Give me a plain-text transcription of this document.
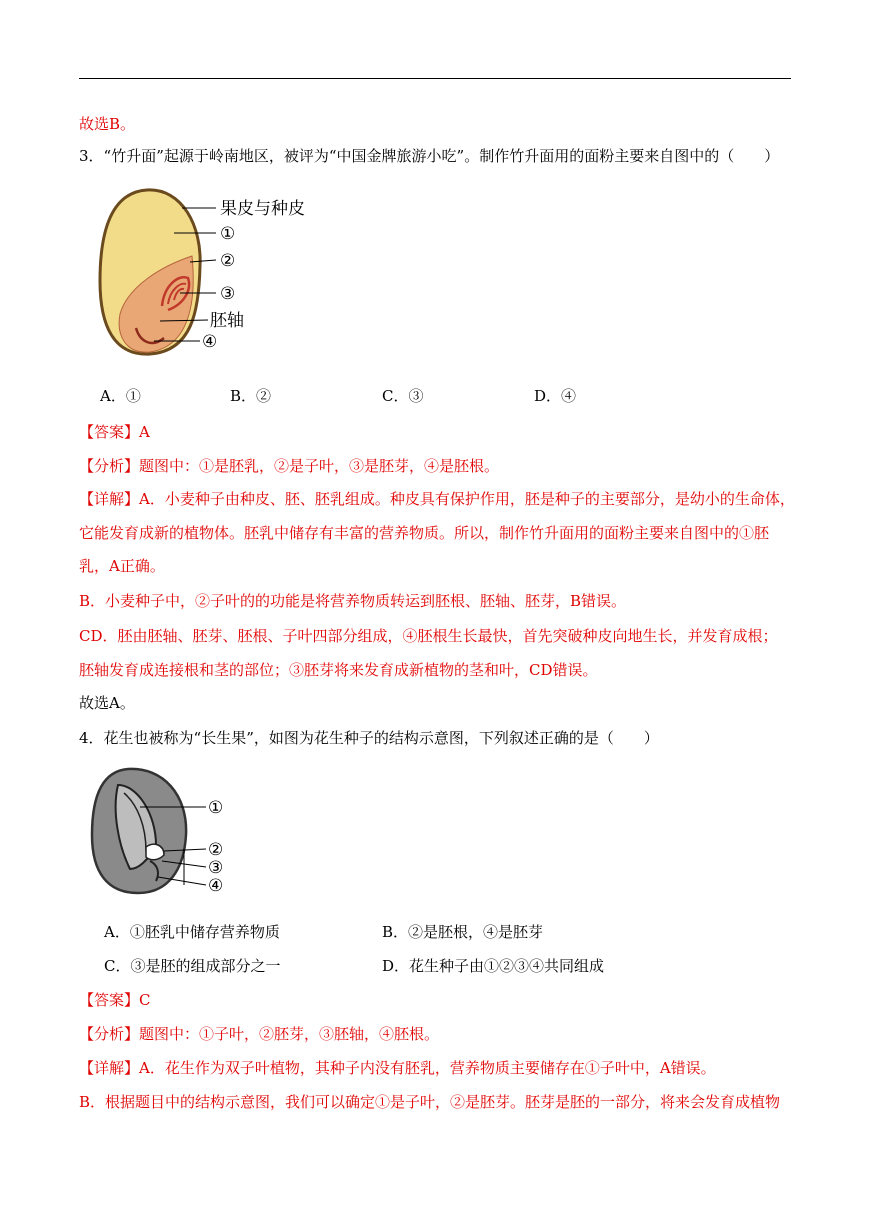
故选B。
3．“竹升面”起源于岭南地区，被评为“中国金牌旅游小吃”。制作竹升面用的面粉主要来自图中的（　　）
果皮与种皮
①
②
③
胚轴
④
A．①	B．②	C．③	D．④
【答案】A
【分析】题图中：①是胚乳，②是子叶，③是胚芽，④是胚根。
【详解】A．小麦种子由种皮、胚、胚乳组成。种皮具有保护作用，胚是种子的主要部分，是幼小的生命体，
它能发育成新的植物体。胚乳中储存有丰富的营养物质。所以，制作竹升面用的面粉主要来自图中的①胚
乳，A正确。
B．小麦种子中，②子叶的的功能是将营养物质转运到胚根、胚轴、胚芽，B错误。
CD．胚由胚轴、胚芽、胚根、子叶四部分组成，④胚根生长最快，首先突破种皮向地生长，并发育成根；
胚轴发育成连接根和茎的部位；③胚芽将来发育成新植物的茎和叶，CD错误。
故选A。
4．花生也被称为“长生果”，如图为花生种子的结构示意图，下列叙述正确的是（　　）
①
②
③
④
A．①胚乳中储存营养物质	B．②是胚根，④是胚芽
C．③是胚的组成部分之一	D．花生种子由①②③④共同组成
【答案】C
【分析】题图中：①子叶，②胚芽，③胚轴，④胚根。
【详解】A．花生作为双子叶植物，其种子内没有胚乳，营养物质主要储存在①子叶中，A错误。
B．根据题目中的结构示意图，我们可以确定①是子叶，②是胚芽。胚芽是胚的一部分，将来会发育成植物
